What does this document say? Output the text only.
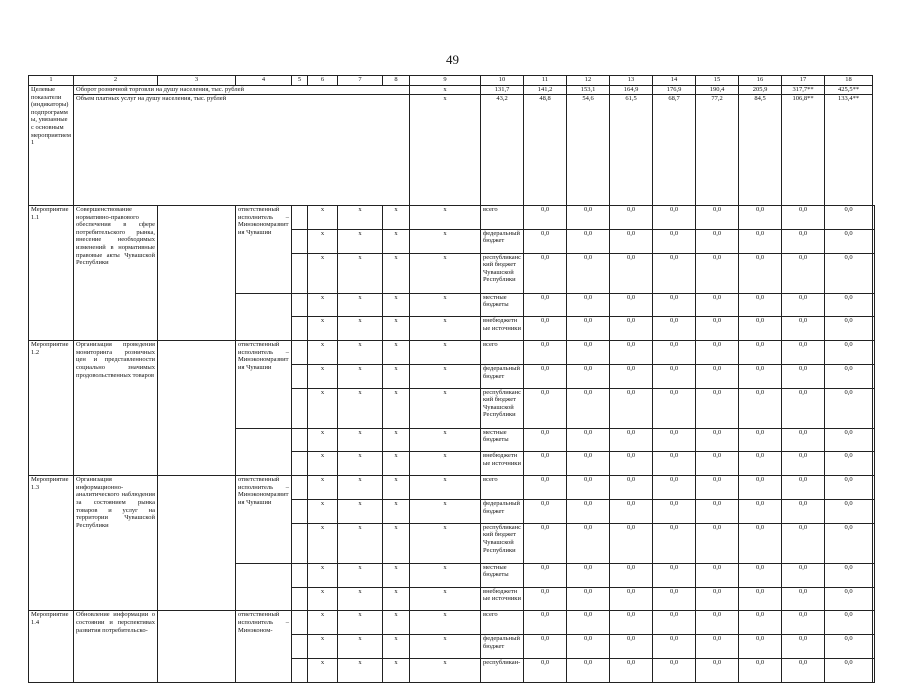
49
1	2	3	4	5	6	7	8	9	10	11	12	13	14	15	16	17	18	
Целевые показатели (индикаторы) подпрограммы, увязанные с основным мероприятием 1	Оборот розничной торговли на душу населения, тыс. рублей							x	131,7	141,2	153,1	164,9	176,9	190,4	205,9	317,7**	425,5**	
	Объем платных услуг на душу населения, тыс. рублей							x	43,2	48,8	54,6	61,5	68,7	77,2	84,5	106,8**	133,4**	
Мероприятие 1.1	Совершенствование нормативно-правового обеспечения в сфере потребительского рынка, внесение необходимых изменений в нормативные правовые акты Чувашской Республики		ответственный исполнитель – Минэкономразвития Чувашии		x	x	x	x	всего	0,0	0,0	0,0	0,0	0,0	0,0	0,0	0,0	
					x	x	x	x	федеральный бюджет	0,0	0,0	0,0	0,0	0,0	0,0	0,0	0,0	
					x	x	x	x	республиканский бюджет Чувашской Республики	0,0	0,0	0,0	0,0	0,0	0,0	0,0	0,0	
					x	x	x	x	местные бюджеты	0,0	0,0	0,0	0,0	0,0	0,0	0,0	0,0	
					x	x	x	x	внебюджетные источники	0,0	0,0	0,0	0,0	0,0	0,0	0,0	0,0	
Мероприятие 1.2	Организация проведения мониторинга розничных цен и представленности социально значимых продовольственных товаров		ответственный исполнитель – Минэкономразвития Чувашии		x	x	x	x	всего	0,0	0,0	0,0	0,0	0,0	0,0	0,0	0,0	
					x	x	x	x	федеральный бюджет	0,0	0,0	0,0	0,0	0,0	0,0	0,0	0,0	
					x	x	x	x	республиканский бюджет Чувашской Республики	0,0	0,0	0,0	0,0	0,0	0,0	0,0	0,0	
					x	x	x	x	местные бюджеты	0,0	0,0	0,0	0,0	0,0	0,0	0,0	0,0	
					x	x	x	x	внебюджетные источники	0,0	0,0	0,0	0,0	0,0	0,0	0,0	0,0	
Мероприятие 1.3	Организация информационно-аналитического наблюдения за состоянием рынка товаров и услуг на территории Чувашской Республики		ответственный исполнитель – Минэкономразвития Чувашии		x	x	x	x	всего	0,0	0,0	0,0	0,0	0,0	0,0	0,0	0,0	
					x	x	x	x	федеральный бюджет	0,0	0,0	0,0	0,0	0,0	0,0	0,0	0,0	
					x	x	x	x	республиканский бюджет Чувашской Республики	0,0	0,0	0,0	0,0	0,0	0,0	0,0	0,0	
					x	x	x	x	местные бюджеты	0,0	0,0	0,0	0,0	0,0	0,0	0,0	0,0	
					x	x	x	x	внебюджетные источники	0,0	0,0	0,0	0,0	0,0	0,0	0,0	0,0	
Мероприятие 1.4	Обновление информации о состоянии и перспективах развития потребительско-		ответственный исполнитель – Минэконом-		x	x	x	x	всего	0,0	0,0	0,0	0,0	0,0	0,0	0,0	0,0	
					x	x	x	x	федеральный бюджет	0,0	0,0	0,0	0,0	0,0	0,0	0,0	0,0	
					x	x	x	x	республикан-	0,0	0,0	0,0	0,0	0,0	0,0	0,0	0,0	
